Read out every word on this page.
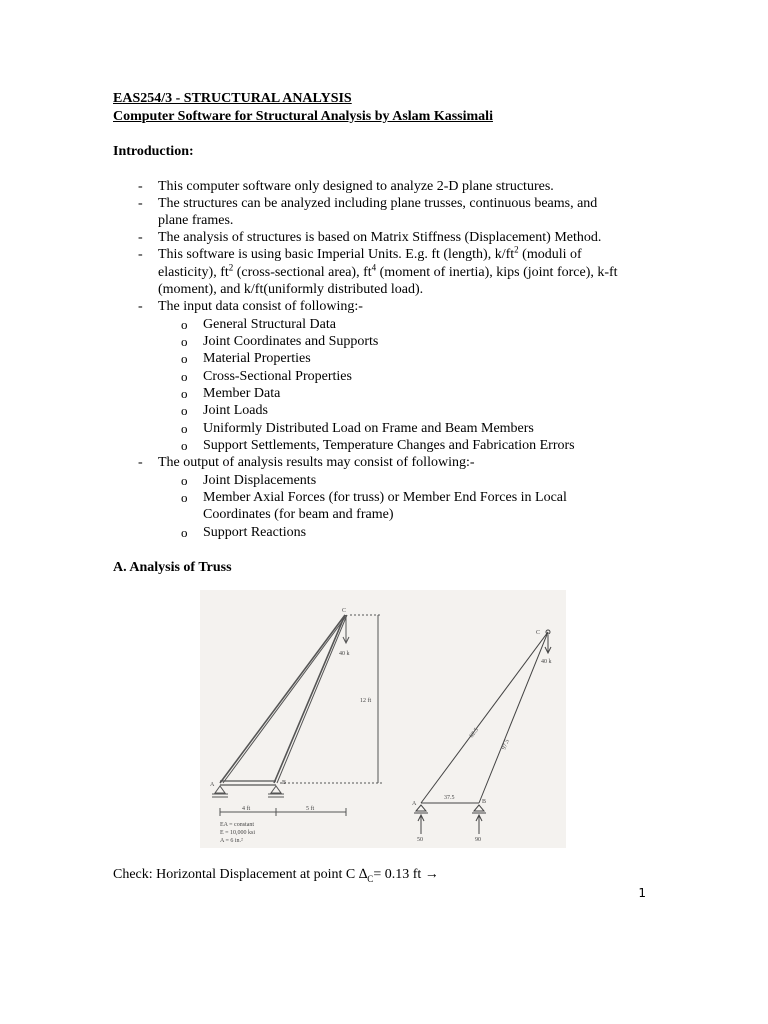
EAS254/3 - STRUCTURAL ANALYSIS
Computer Software for Structural Analysis by Aslam Kassimali
Introduction:
- This computer software only designed to analyze 2-D plane structures.
- The structures can be analyzed including plane trusses, continuous beams, and
plane frames.
- The analysis of structures is based on Matrix Stiffness (Displacement) Method.
- This software is using basic Imperial Units. E.g. ft (length), $k/ft^2$ (moduli of
elasticity), $ft^2$ (cross-sectional area), $ft^4$ (moment of inertia), kips (joint force), k-ft
(moment), and k/ft(uniformly distributed load).
- The input data consist of following:-
o General Structural Data
o Joint Coordinates and Supports
o Material Properties
o Cross-Sectional Properties
o Member Data
o Joint Loads
o Uniformly Distributed Load on Frame and Beam Members
o Support Settlements, Temperature Changes and Fabrication Errors
- The output of analysis results may consist of following:-
o Joint Displacements
o Member Axial Forces (for truss) or Member End Forces in Local
Coordinates (for beam and frame)
o Support Reactions
A. Analysis of Truss
C
A	B
40 k
12 ft
4 ft	5 ft
EA = constant
E = 10,000 ksi
A = 6 in.²
C
A	B
40 k
62.5
97.5
37.5
50	90
Check: Horizontal Displacement at point C $\Delta_C= 0.13$ ft →
1
